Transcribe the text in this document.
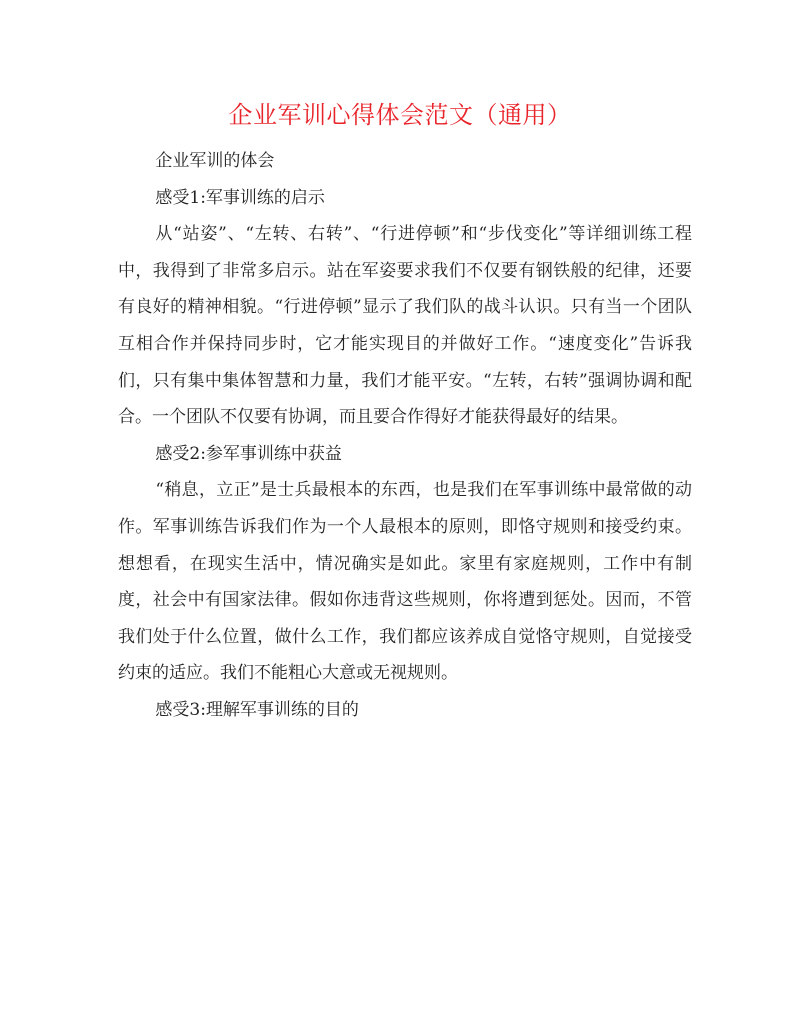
企业军训心得体会范文（通用）

企业军训的体会

感受1:军事训练的启示

从“站姿”、“左转、右转”、“行进停顿”和“步伐变化”等详细训练工程中，我得到了非常多启示。站在军姿要求我们不仅要有钢铁般的纪律，还要有良好的精神相貌。“行进停顿”显示了我们队的战斗认识。只有当一个团队互相合作并保持同步时，它才能实现目的并做好工作。“速度变化”告诉我们，只有集中集体智慧和力量，我们才能平安。“左转，右转”强调协调和配合。一个团队不仅要有协调，而且要合作得好才能获得最好的结果。

感受2:参军事训练中获益

“稍息，立正”是士兵最根本的东西，也是我们在军事训练中最常做的动作。军事训练告诉我们作为一个人最根本的原则，即恪守规则和接受约束。想想看，在现实生活中，情况确实是如此。家里有家庭规则，工作中有制度，社会中有国家法律。假如你违背这些规则，你将遭到惩处。因而，不管我们处于什么位置，做什么工作，我们都应该养成自觉恪守规则，自觉接受约束的适应。我们不能粗心大意或无视规则。

感受3:理解军事训练的目的
